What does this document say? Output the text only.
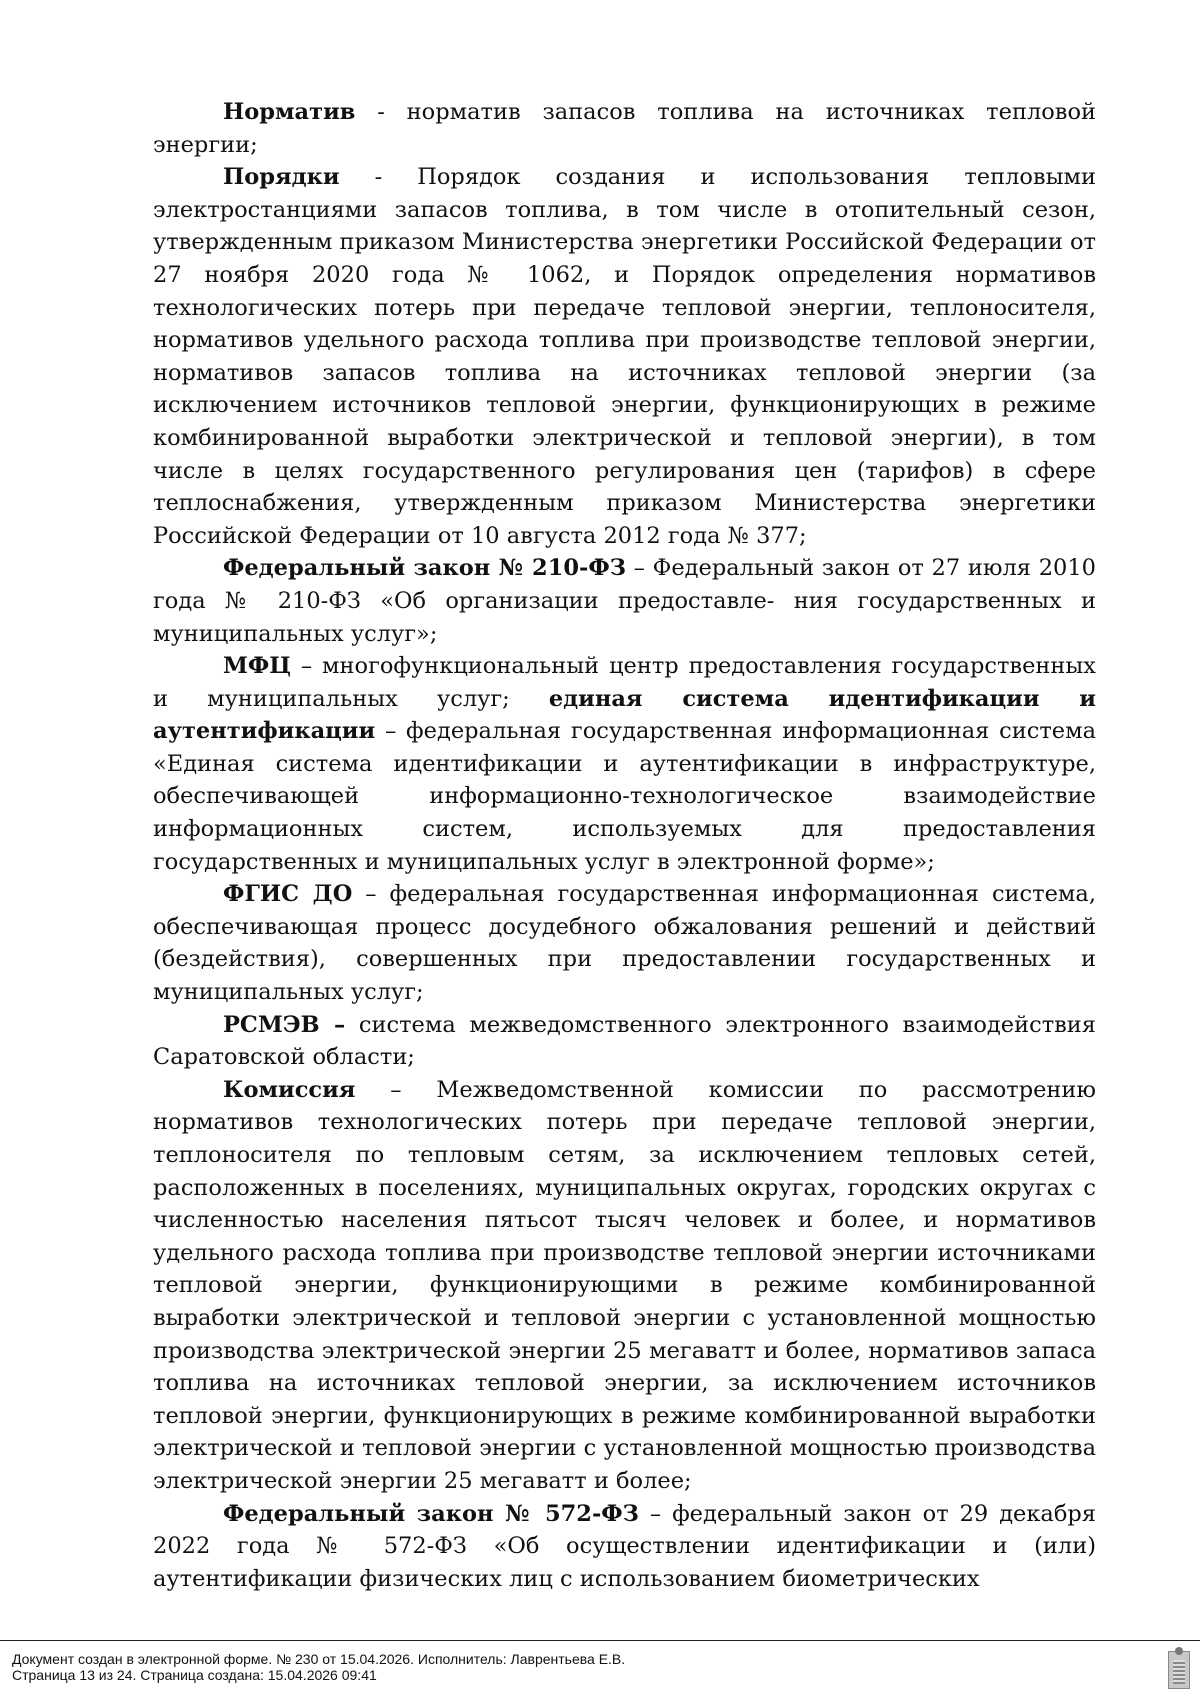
Норматив - норматив запасов топлива на источниках тепловой энергии;

Порядки - Порядок создания и использования тепловыми электростанциями запасов топлива, в том числе в отопительный сезон, утвержденным приказом Министерства энергетики Российской Федерации от 27 ноября 2020 года № 1062, и Порядок определения нормативов технологических потерь при передаче тепловой энергии, теплоносителя, нормативов удельного расхода топлива при производстве тепловой энергии, нормативов запасов топлива на источниках тепловой энергии (за исключением источников тепловой энергии, функционирующих в режиме комбинированной выработки электрической и тепловой энергии), в том числе в целях государственного регулирования цен (тарифов) в сфере теплоснабжения, утвержденным приказом Министерства энергетики Российской Федерации от 10 августа 2012 года № 377;

Федеральный закон № 210-ФЗ – Федеральный закон от 27 июля 2010 года № 210-ФЗ «Об организации предоставле- ния государственных и муниципальных услуг»;

МФЦ – многофункциональный центр предоставления государственных и муниципальных услуг; единая система идентификации и аутентификации – федеральная государственная информационная система «Единая система идентификации и аутентификации в инфраструктуре, обеспечивающей информационно-технологическое взаимодействие информационных систем, используемых для предоставления государственных и муниципальных услуг в электронной форме»;

ФГИС ДО – федеральная государственная информационная система, обеспечивающая процесс досудебного обжалования решений и действий (бездействия), совершенных при предоставлении государственных и муниципальных услуг;

РСМЭВ – система межведомственного электронного взаимодействия Саратовской области;

Комиссия – Межведомственной комиссии по рассмотрению нормативов технологических потерь при передаче тепловой энергии, теплоносителя по тепловым сетям, за исключением тепловых сетей, расположенных в поселениях, муниципальных округах, городских округах с численностью населения пятьсот тысяч человек и более, и нормативов удельного расхода топлива при производстве тепловой энергии источниками тепловой энергии, функционирующими в режиме комбинированной выработки электрической и тепловой энергии с установленной мощностью производства электрической энергии 25 мегаватт и более, нормативов запаса топлива на источниках тепловой энергии, за исключением источников тепловой энергии, функционирующих в режиме комбинированной выработки электрической и тепловой энергии с установленной мощностью производства электрической энергии 25 мегаватт и более;

Федеральный закон № 572-ФЗ – федеральный закон от 29 декабря 2022 года № 572-ФЗ «Об осуществлении идентификации и (или) аутентификации физических лиц с использованием биометрических

Документ создан в электронной форме. № 230 от 15.04.2026. Исполнитель: Лаврентьева Е.В.
Страница 13 из 24. Страница создана: 15.04.2026 09:41
